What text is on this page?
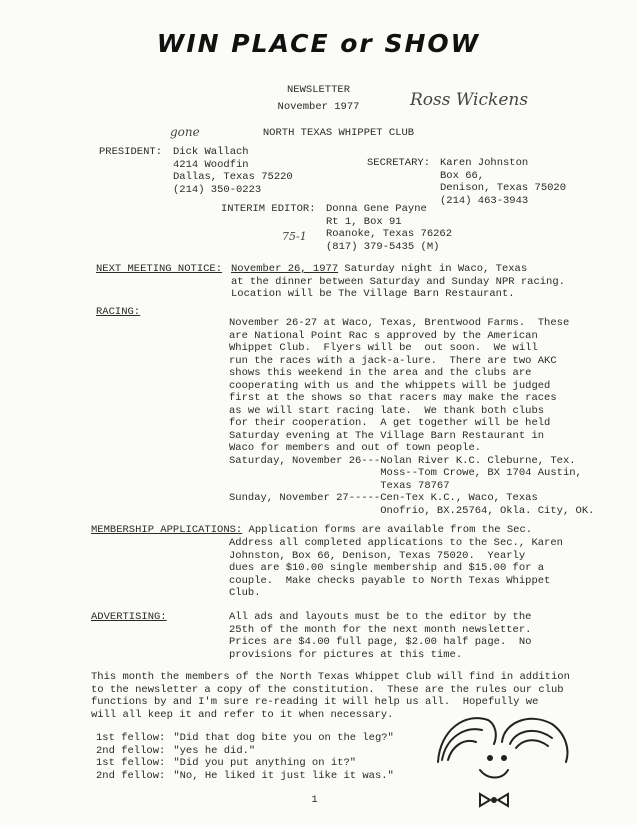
WIN PLACE or SHOW
NEWSLETTER
November 1977	Ross Wickens
gone	NORTH TEXAS WHIPPET CLUB
PRESIDENT: Dick Wallach
4214 Woodfin
Dallas, Texas 75220
(214) 350-0223
SECRETARY: Karen Johnston
Box 66,
Denison, Texas 75020
(214) 463-3943
INTERIM EDITOR: Donna Gene Payne
Rt 1, Box 91
Roanoke, Texas 76262
(817) 379-5435 (M)
75-1
NEXT MEETING NOTICE: November 26, 1977 Saturday night in Waco, Texas
at the dinner between Saturday and Sunday NPR racing.
Location will be The Village Barn Restaurant.
RACING:
November 26-27 at Waco, Texas, Brentwood Farms.  These
are National Point Rac s approved by the American
Whippet Club.  Flyers will be  out soon.  We will
run the races with a jack-a-lure.  There are two AKC
shows this weekend in the area and the clubs are
cooperating with us and the whippets will be judged
first at the shows so that racers may make the races
as we will start racing late.  We thank both clubs
for their cooperation.  A get together will be held
Saturday evening at The Village Barn Restaurant in
Waco for members and out of town people.
Saturday, November 26---Nolan River K.C. Cleburne, Tex.
Moss--Tom Crowe, BX 1704 Austin,
Texas 78767
Sunday, November 27-----Cen-Tex K.C., Waco, Texas
Onofrio, BX.25764, Okla. City, OK.
MEMBERSHIP APPLICATIONS: Application forms are available from the Sec.
Address all completed applications to the Sec., Karen
Johnston, Box 66, Denison, Texas 75020.  Yearly
dues are $10.00 single membership and $15.00 for a
couple.  Make checks payable to North Texas Whippet
Club.
ADVERTISING:	All ads and layouts must be to the editor by the
25th of the month for the next month newsletter.
Prices are $4.00 full page, $2.00 half page.  No
provisions for pictures at this time.
This month the members of the North Texas Whippet Club will find in addition
to the newsletter a copy of the constitution.  These are the rules our club
functions by and I'm sure re-reading it will help us all.  Hopefully we
will all keep it and refer to it when necessary.
1st fellow:	"Did that dog bite you on the leg?"
2nd fellow:	"yes he did."
1st fellow:	"Did you put anything on it?"
2nd fellow:	"No, He liked it just like it was."
1
